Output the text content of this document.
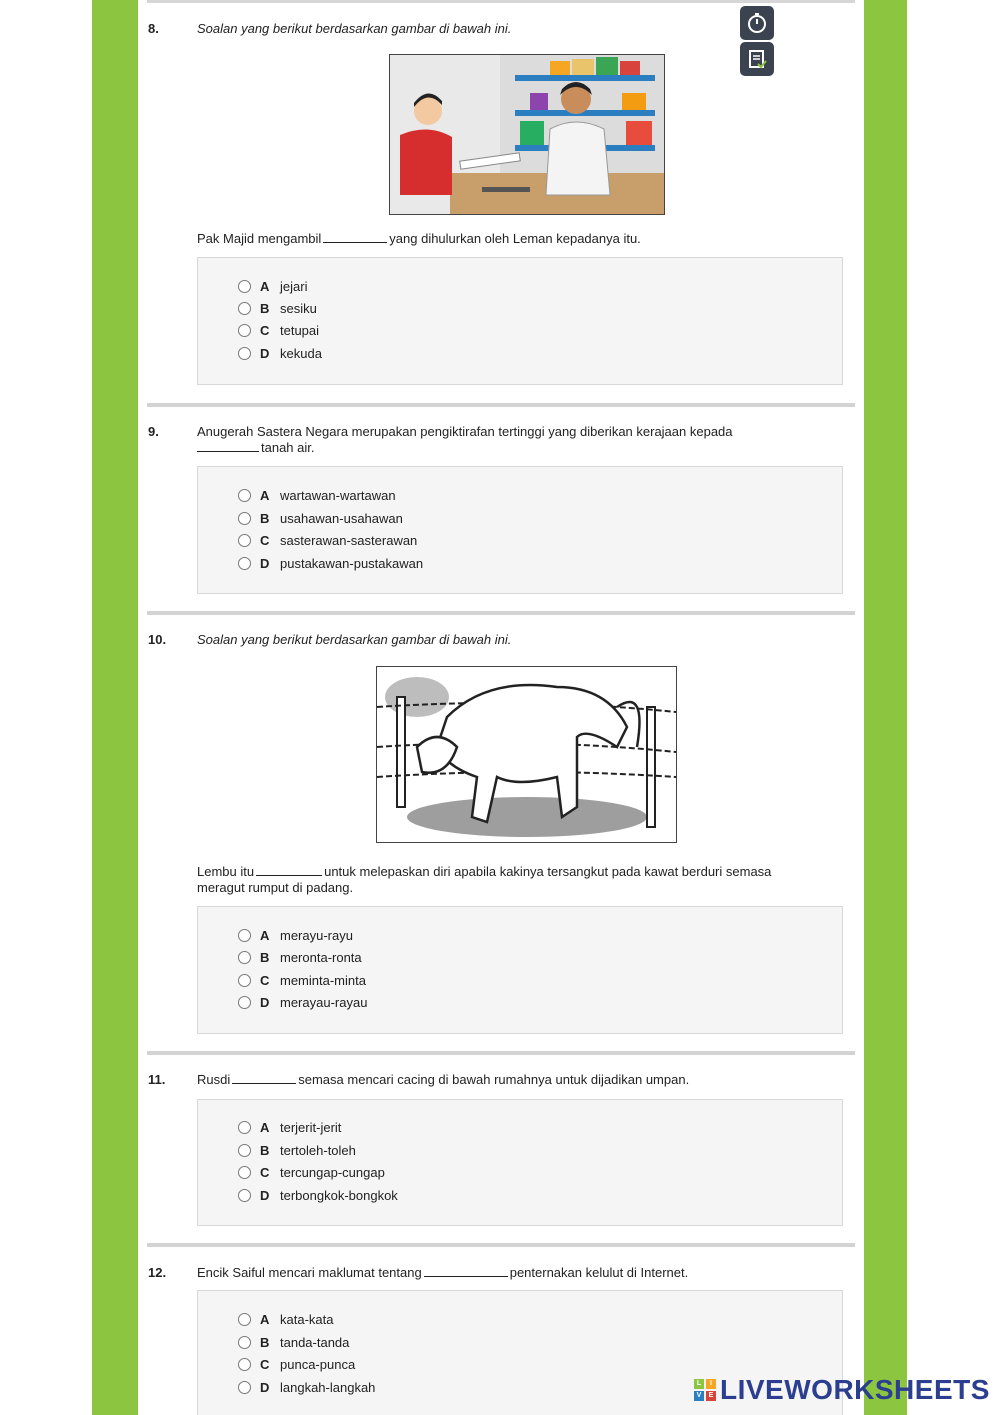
8.	Soalan yang berikut berdasarkan gambar di bawah ini.
Pak Majid mengambil	yang dihulurkan oleh Leman kepadanya itu.
A jejari
B sesiku
C tetupai
D kekuda
9.	Anugerah Sastera Negara merupakan pengiktirafan tertinggi yang diberikan kerajaan kepada
tanah air.
A wartawan-wartawan
B usahawan-usahawan
C sasterawan-sasterawan
D pustakawan-pustakawan
10. Soalan yang berikut berdasarkan gambar di bawah ini.
Lembu itu	untuk melepaskan diri apabila kakinya tersangkut pada kawat berduri semasa
meragut rumput di padang.
A merayu-rayu
B meronta-ronta
C meminta-minta
D merayau-rayau
11. Rusdi	semasa mencari cacing di bawah rumahnya untuk dijadikan umpan.
A terjerit-jerit
B tertoleh-toleh
C tercungap-cungap
D terbongkok-bongkok
12. Encik Saiful mencari maklumat tentang	penternakan kelulut di Internet.
A kata-kata
B tanda-tanda
C punca-punca
D langkah-langkah	L	I
V	E LIVEWORKSHEETS
